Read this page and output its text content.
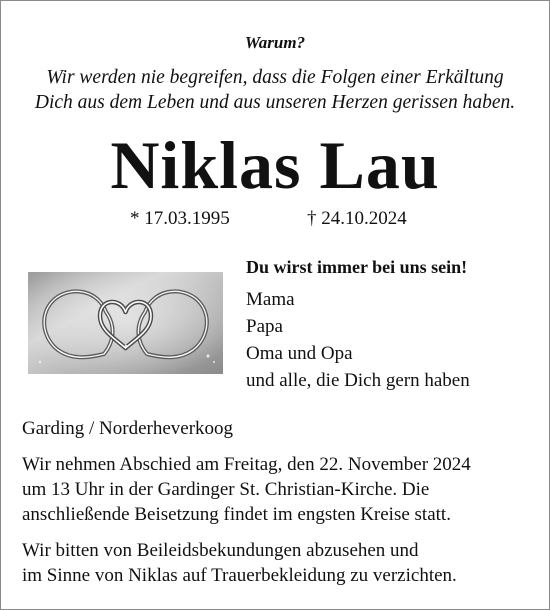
Warum?
Wir werden nie begreifen, dass die Folgen einer Erkältung
Dich aus dem Leben und aus unseren Herzen gerissen haben.
Niklas Lau
* 17.03.1995	† 24.10.2024
Du wirst immer bei uns sein!
Mama
Papa
Oma und Opa
und alle, die Dich gern haben
Garding / Norderheverkoog
Wir nehmen Abschied am Freitag, den 22. November 2024
um 13 Uhr in der Gardinger St. Christian-Kirche. Die
anschließende Beisetzung findet im engsten Kreise statt.
Wir bitten von Beileidsbekundungen abzusehen und
im Sinne von Niklas auf Trauerbekleidung zu verzichten.
